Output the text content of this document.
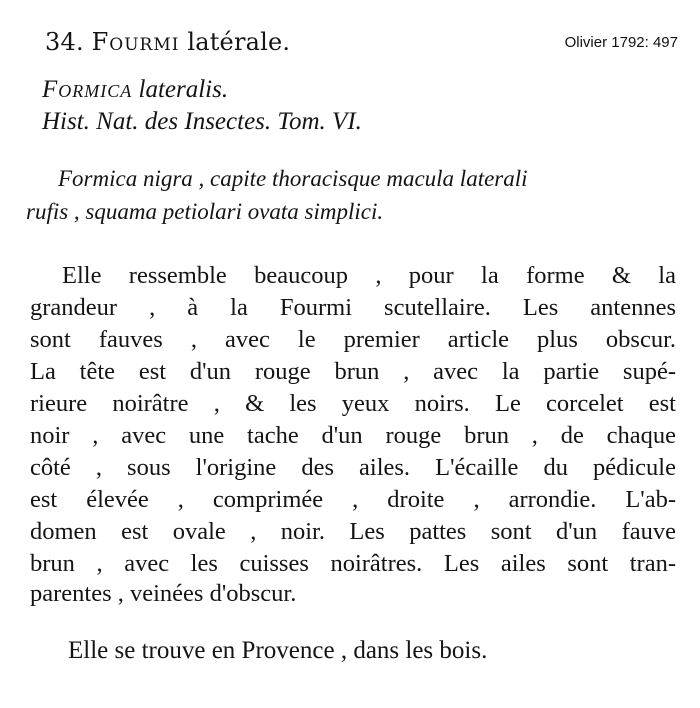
Olivier 1792: 497
34. Fourmi latérale.
Formica lateralis.
Hist. Nat. des Insectes. Tom. VI.
Formica nigra , capite thoracisque macula laterali
rufis , squama petiolari ovata simplici.
Elle ressemble beaucoup , pour la forme & la
grandeur , à la Fourmi scutellaire. Les antennes
sont fauves , avec le premier article plus obscur.
La tête est d'un rouge brun , avec la partie supé-
rieure noirâtre , & les yeux noirs. Le corcelet est
noir , avec une tache d'un rouge brun , de chaque
côté , sous l'origine des ailes. L'écaille du pédicule
est élevée , comprimée , droite , arrondie. L'ab-
domen est ovale , noir. Les pattes sont d'un fauve
brun , avec les cuisses noirâtres. Les ailes sont tran-
parentes , veinées d'obscur.
Elle se trouve en Provence , dans les bois.
